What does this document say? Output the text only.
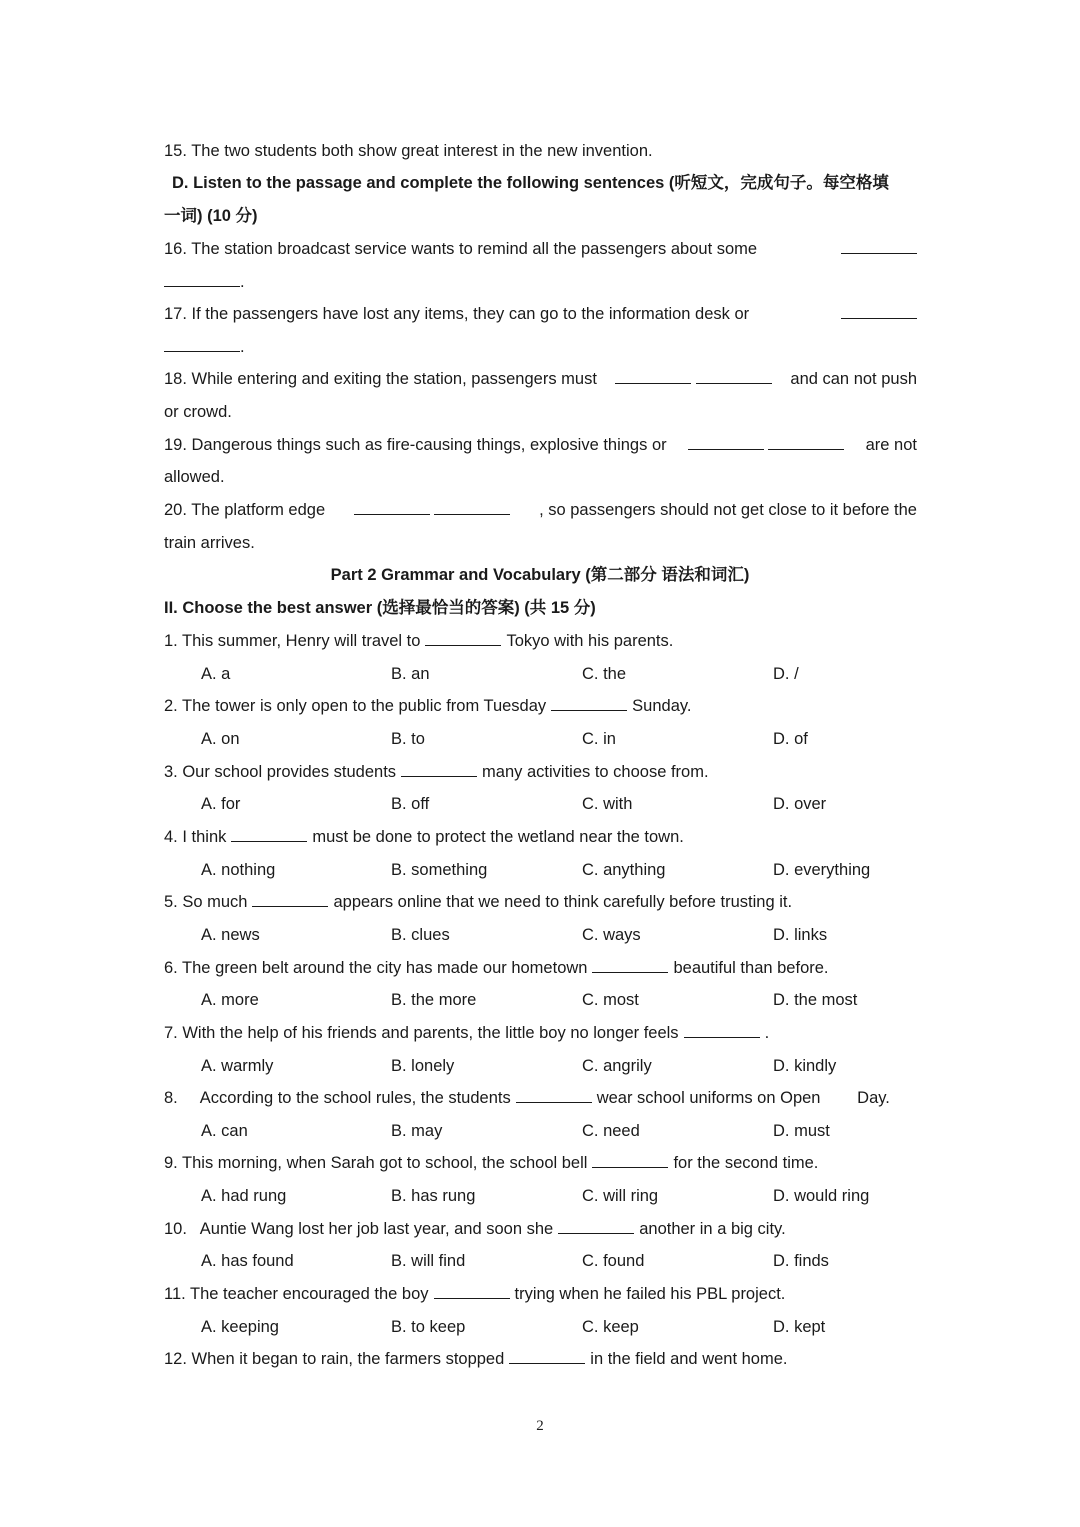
15. The two students both show great interest in the new invention.
D. Listen to the passage and complete the following sentences (听短文，完成句子。每空格填
一词) (10 分)
16. The station broadcast service wants to remind all the passengers about some
.
17. If the passengers have lost any items, they can go to the information desk or
.
18. While entering and exiting the station, passengers must
	and can not push
or crowd.
19. Dangerous things such as fire-causing things, explosive things or
	are not
allowed.
20. The platform edge
	, so passengers should not get close to it before the
train arrives.
Part 2 Grammar and Vocabulary (第二部分 语法和词汇)
II. Choose the best answer (选择最恰当的答案) (共 15 分)
1. This summer, Henry will travel to	Tokyo with his parents.
A. a	B. an	C. the	D. /
2. The tower is only open to the public from Tuesday	Sunday.
A. on	B. to	C. in	D. of
3. Our school provides students	many activities to choose from.
A. for	B. off	C. with	D. over
4. I think	must be done to protect the wetland near the town.
A. nothing	B. something	C. anything	D. everything
5. So much	appears online that we need to think carefully before trusting it.
A. news	B. clues	C. ways	D. links
6. The green belt around the city has made our hometown	beautiful than before.
A. more	B. the more	C. most	D. the most
7. With the help of his friends and parents, the little boy no longer feels	.
A. warmly	B. lonely	C. angrily	D. kindly
8.     According to the school rules, the students	wear school uniforms on Open        Day.
A. can	B. may	C. need	D. must
9. This morning, when Sarah got to school, the school bell	for the second time.
A. had rung	B. has rung	C. will ring	D. would ring
10.   Auntie Wang lost her job last year, and soon she	another in a big city.
A. has found	B. will find	C. found	D. finds
11. The teacher encouraged the boy	trying when he failed his PBL project.
A. keeping	B. to keep	C. keep	D. kept
12. When it began to rain, the farmers stopped	in the field and went home.
2
